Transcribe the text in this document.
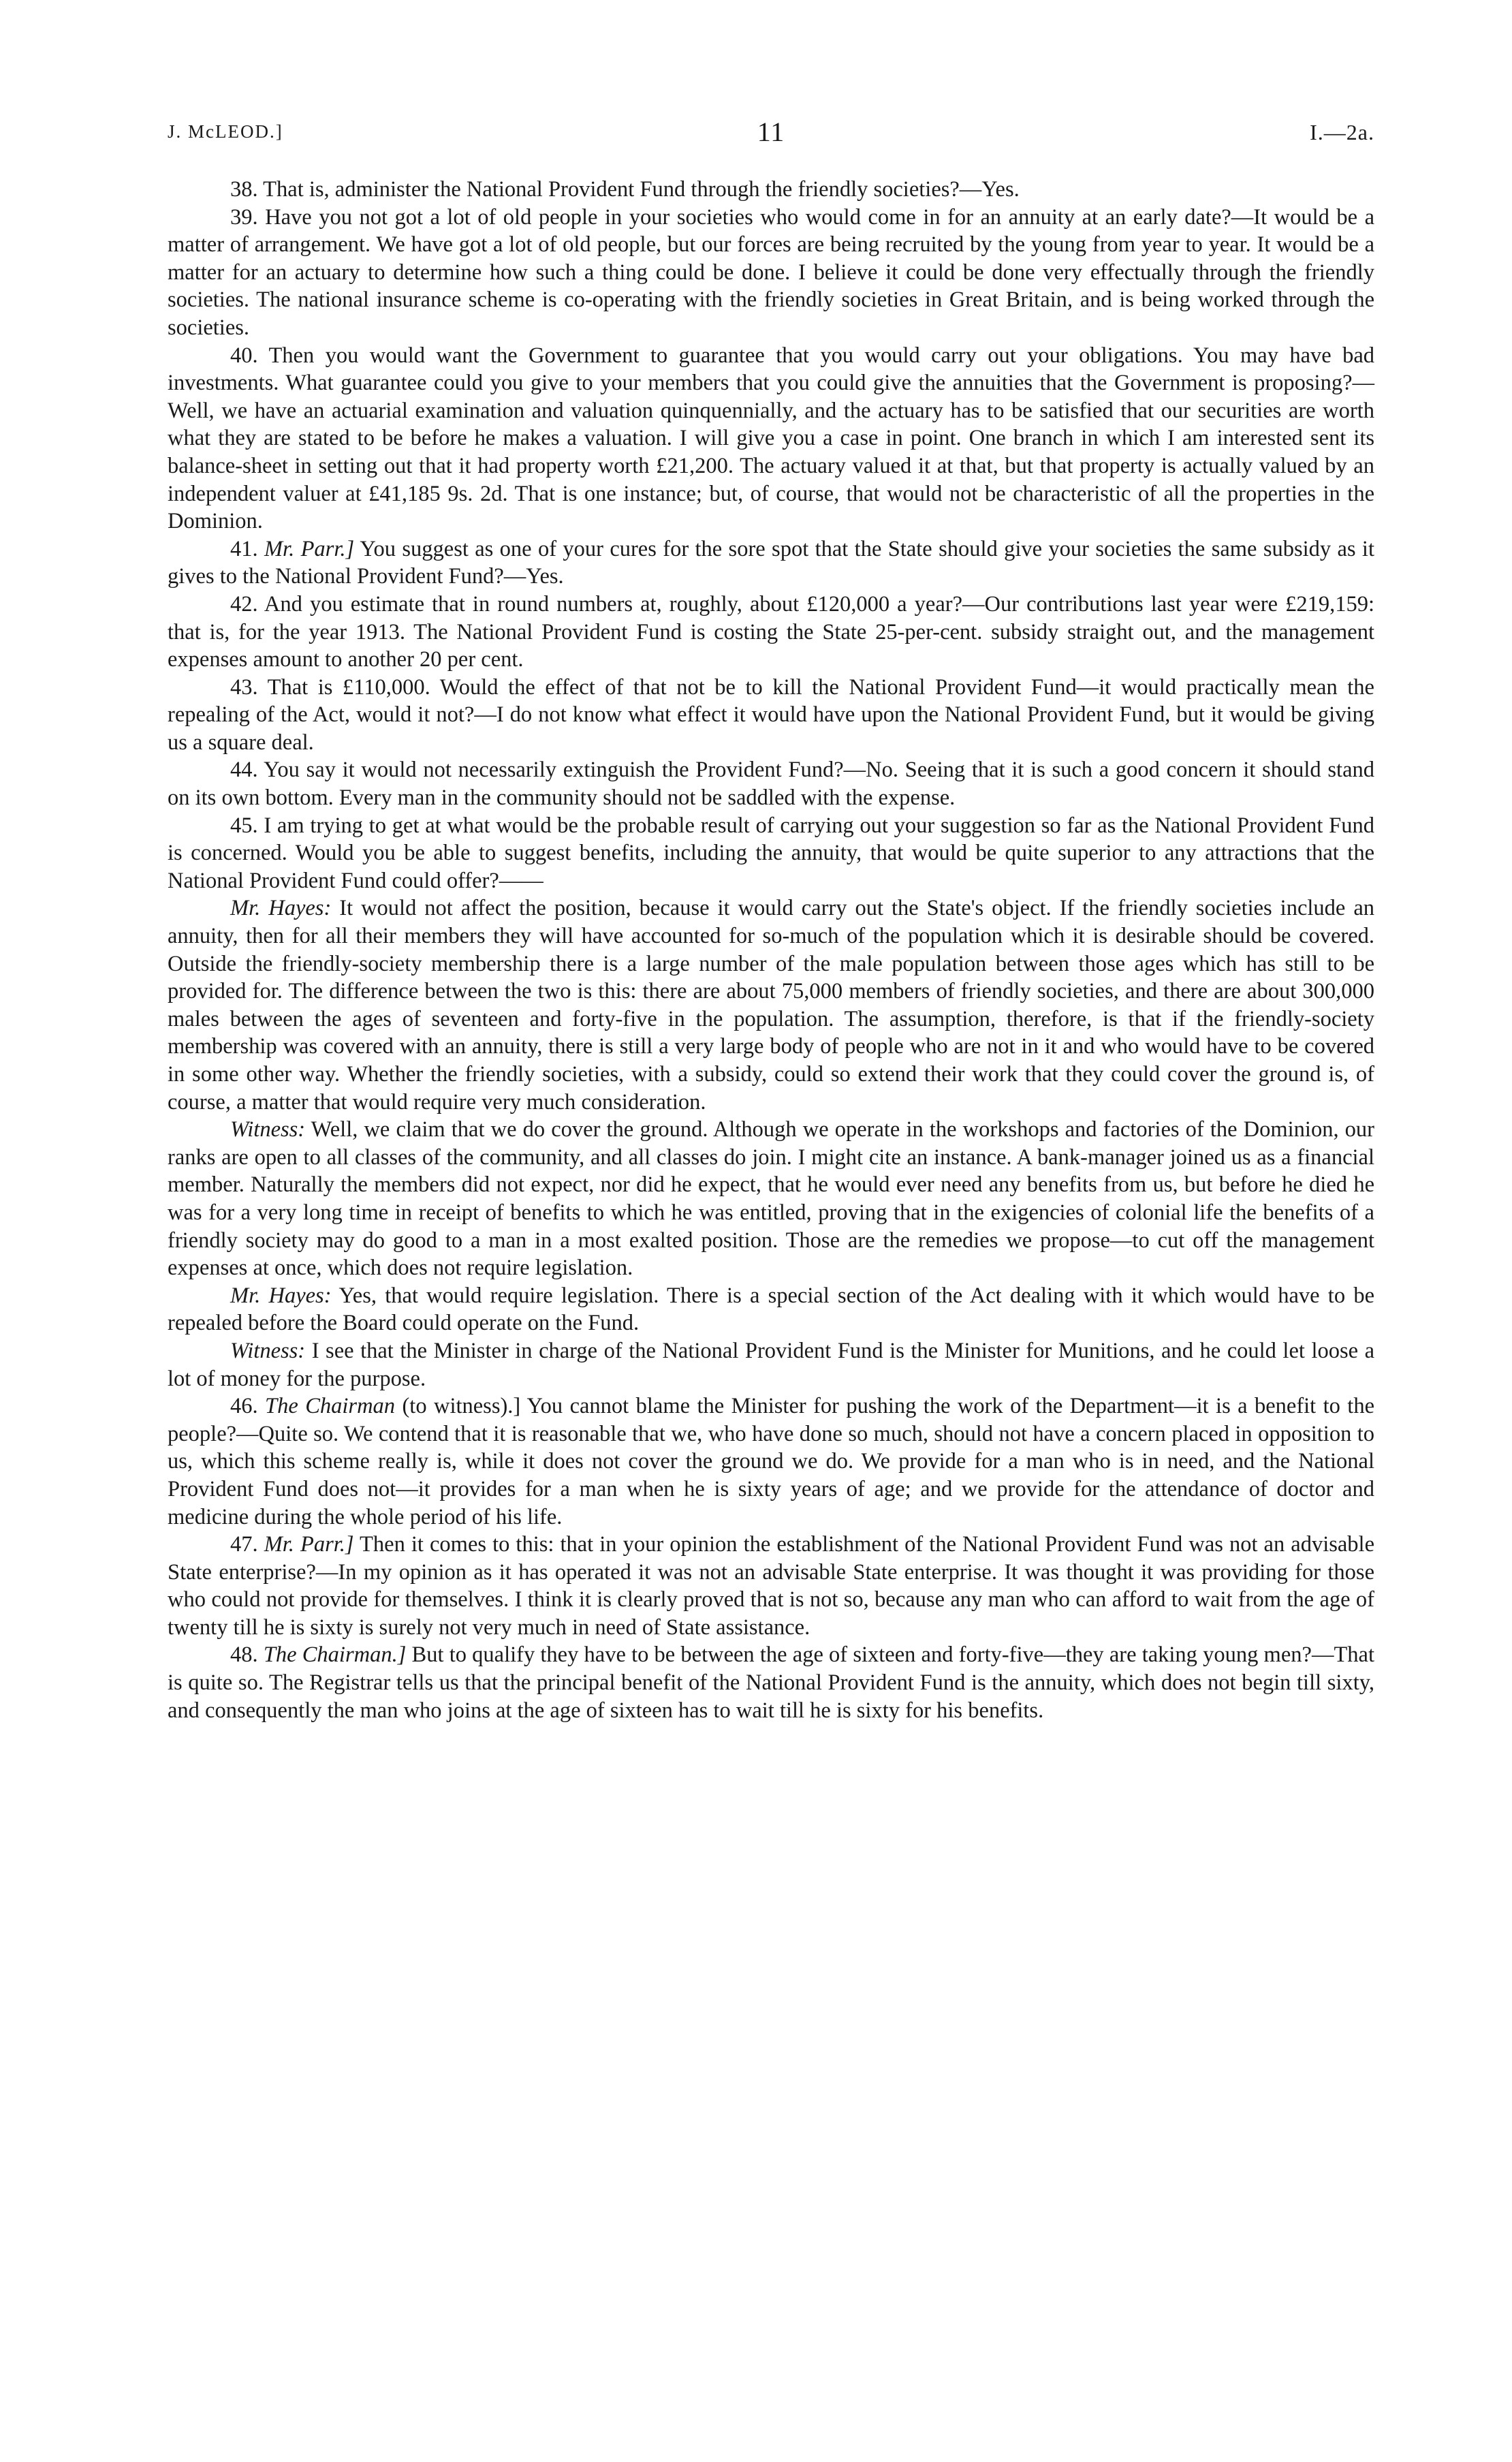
J. McLEOD.]	11	I.—2a.

38. That is, administer the National Provident Fund through the friendly societies?—Yes.

39. Have you not got a lot of old people in your societies who would come in for an annuity at an early date?—It would be a matter of arrangement. We have got a lot of old people, but our forces are being recruited by the young from year to year. It would be a matter for an actuary to determine how such a thing could be done. I believe it could be done very effectually through the friendly societies. The national insurance scheme is co-operating with the friendly societies in Great Britain, and is being worked through the societies.

40. Then you would want the Government to guarantee that you would carry out your obligations. You may have bad investments. What guarantee could you give to your members that you could give the annuities that the Government is proposing?—Well, we have an actuarial examination and valuation quinquennially, and the actuary has to be satisfied that our securities are worth what they are stated to be before he makes a valuation. I will give you a case in point. One branch in which I am interested sent its balance-sheet in setting out that it had property worth £21,200. The actuary valued it at that, but that property is actually valued by an independent valuer at £41,185 9s. 2d. That is one instance; but, of course, that would not be characteristic of all the properties in the Dominion.

41. Mr. Parr.] You suggest as one of your cures for the sore spot that the State should give your societies the same subsidy as it gives to the National Provident Fund?—Yes.

42. And you estimate that in round numbers at, roughly, about £120,000 a year?—Our contributions last year were £219,159: that is, for the year 1913. The National Provident Fund is costing the State 25-per-cent. subsidy straight out, and the management expenses amount to another 20 per cent.

43. That is £110,000. Would the effect of that not be to kill the National Provident Fund—it would practically mean the repealing of the Act, would it not?—I do not know what effect it would have upon the National Provident Fund, but it would be giving us a square deal.

44. You say it would not necessarily extinguish the Provident Fund?—No. Seeing that it is such a good concern it should stand on its own bottom. Every man in the community should not be saddled with the expense.

45. I am trying to get at what would be the probable result of carrying out your suggestion so far as the National Provident Fund is concerned. Would you be able to suggest benefits, including the annuity, that would be quite superior to any attractions that the National Provident Fund could offer?——

Mr. Hayes: It would not affect the position, because it would carry out the State's object. If the friendly societies include an annuity, then for all their members they will have accounted for so-much of the population which it is desirable should be covered. Outside the friendly-society membership there is a large number of the male population between those ages which has still to be provided for. The difference between the two is this: there are about 75,000 members of friendly societies, and there are about 300,000 males between the ages of seventeen and forty-five in the population. The assumption, therefore, is that if the friendly-society membership was covered with an annuity, there is still a very large body of people who are not in it and who would have to be covered in some other way. Whether the friendly societies, with a subsidy, could so extend their work that they could cover the ground is, of course, a matter that would require very much consideration.

Witness: Well, we claim that we do cover the ground. Although we operate in the workshops and factories of the Dominion, our ranks are open to all classes of the community, and all classes do join. I might cite an instance. A bank-manager joined us as a financial member. Naturally the members did not expect, nor did he expect, that he would ever need any benefits from us, but before he died he was for a very long time in receipt of benefits to which he was entitled, proving that in the exigencies of colonial life the benefits of a friendly society may do good to a man in a most exalted position. Those are the remedies we propose—to cut off the management expenses at once, which does not require legislation.

Mr. Hayes: Yes, that would require legislation. There is a special section of the Act dealing with it which would have to be repealed before the Board could operate on the Fund.

Witness: I see that the Minister in charge of the National Provident Fund is the Minister for Munitions, and he could let loose a lot of money for the purpose.

46. The Chairman (to witness).] You cannot blame the Minister for pushing the work of the Department—it is a benefit to the people?—Quite so. We contend that it is reasonable that we, who have done so much, should not have a concern placed in opposition to us, which this scheme really is, while it does not cover the ground we do. We provide for a man who is in need, and the National Provident Fund does not—it provides for a man when he is sixty years of age; and we provide for the attendance of doctor and medicine during the whole period of his life.

47. Mr. Parr.] Then it comes to this: that in your opinion the establishment of the National Provident Fund was not an advisable State enterprise?—In my opinion as it has operated it was not an advisable State enterprise. It was thought it was providing for those who could not provide for themselves. I think it is clearly proved that is not so, because any man who can afford to wait from the age of twenty till he is sixty is surely not very much in need of State assistance.

48. The Chairman.] But to qualify they have to be between the age of sixteen and forty-five—they are taking young men?—That is quite so. The Registrar tells us that the principal benefit of the National Provident Fund is the annuity, which does not begin till sixty, and consequently the man who joins at the age of sixteen has to wait till he is sixty for his benefits.
